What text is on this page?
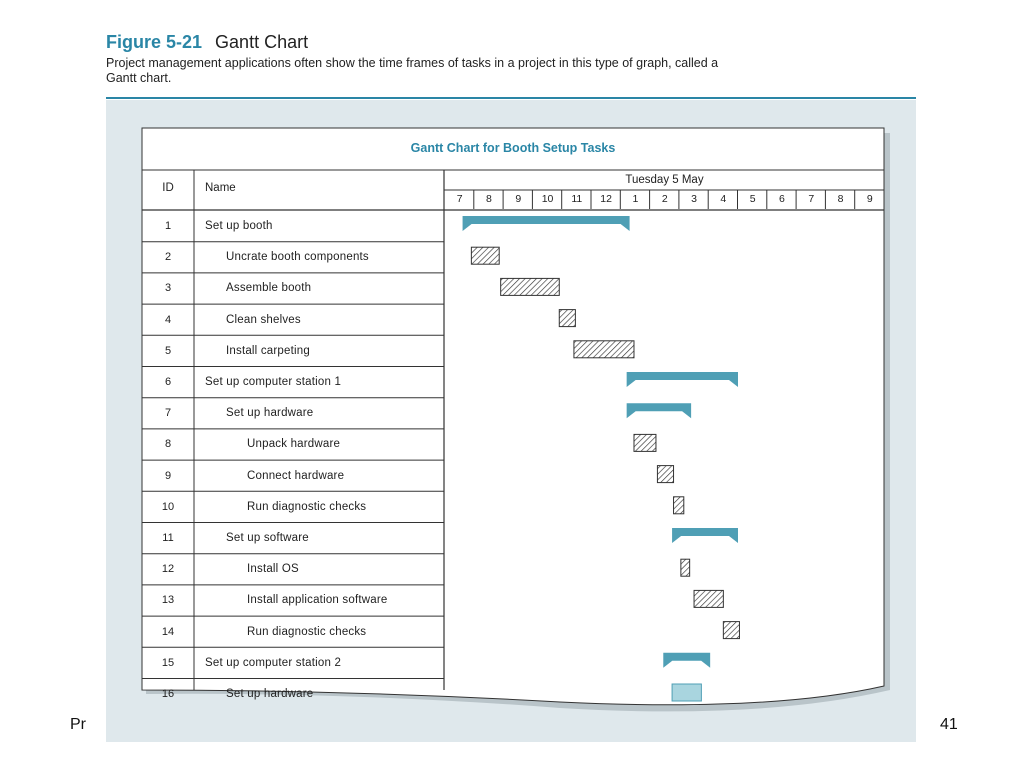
Figure 5-21 Gantt Chart
Project management applications often show the time frames of tasks in a project in this type of graph, called a Gantt chart.
Gantt Chart for Booth Setup Tasks
ID	Name
Tuesday 5 May
7	8	9	10	11	12	1	2	3	4	5	6	7	8	9
1	Set up booth
2	Uncrate booth components
3	Assemble booth
4	Clean shelves
5	Install carpeting
6	Set up computer station 1
7	Set up hardware
8	Unpack hardware
9	Connect hardware
10	Run diagnostic checks
11	Set up software
12	Install OS
13	Install application software
14	Run diagnostic checks
15	Set up computer station 2
16	Set up hardware
Pr	41
